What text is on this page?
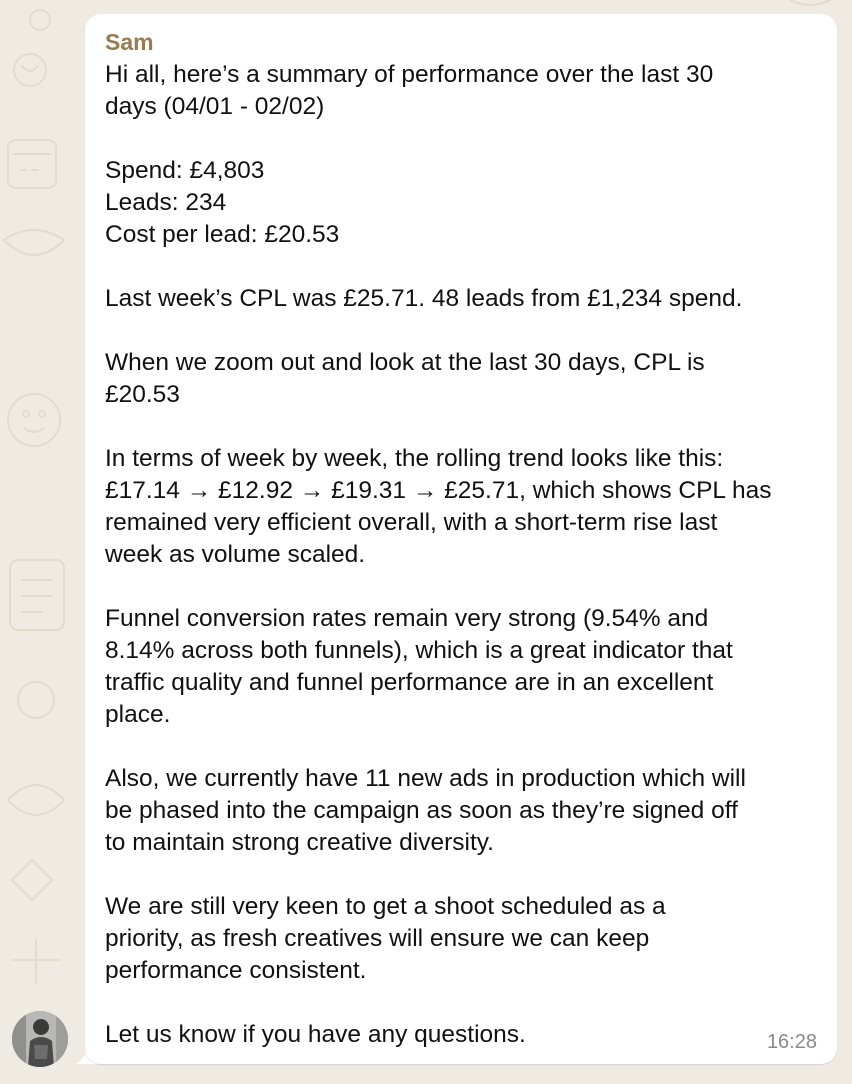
Sam
Hi all, here’s a summary of performance over the last 30
days (04/01 - 02/02)
Spend: £4,803
Leads: 234
Cost per lead: £20.53
Last week’s CPL was £25.71. 48 leads from £1,234 spend.
When we zoom out and look at the last 30 days, CPL is
£20.53
In terms of week by week, the rolling trend looks like this:
£17.14 → £12.92 → £19.31 → £25.71, which shows CPL has
remained very efficient overall, with a short-term rise last
week as volume scaled.
Funnel conversion rates remain very strong (9.54% and
8.14% across both funnels), which is a great indicator that
traffic quality and funnel performance are in an excellent
place.
Also, we currently have 11 new ads in production which will
be phased into the campaign as soon as they’re signed off
to maintain strong creative diversity.
We are still very keen to get a shoot scheduled as a
priority, as fresh creatives will ensure we can keep
performance consistent.
Let us know if you have any questions.	16:28
